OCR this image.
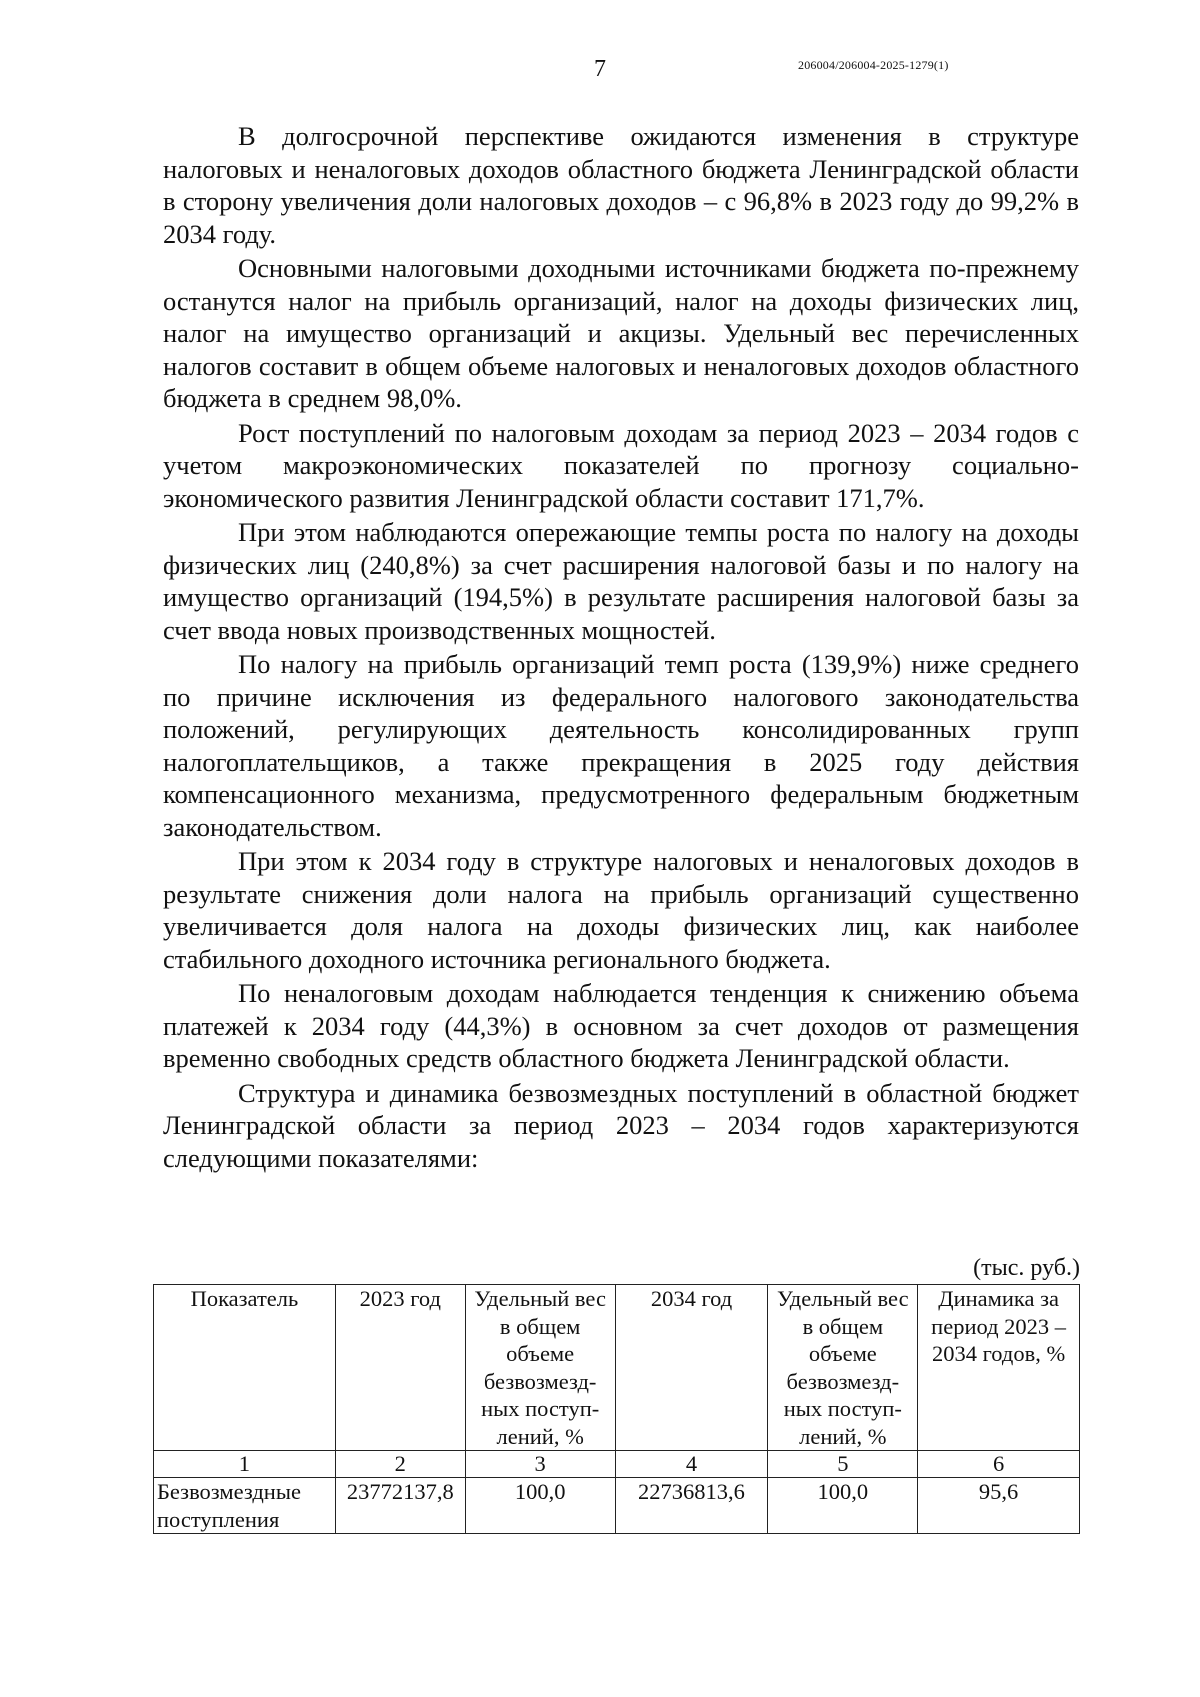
7	206004/206004-2025-1279(1)

В долгосрочной перспективе ожидаются изменения в структуре налоговых и неналоговых доходов областного бюджета Ленинградской области в сторону увеличения доли налоговых доходов – с 96,8% в 2023 году до 99,2% в 2034 году.

Основными налоговыми доходными источниками бюджета по-прежнему останутся налог на прибыль организаций, налог на доходы физических лиц, налог на имущество организаций и акцизы. Удельный вес перечисленных налогов составит в общем объеме налоговых и неналоговых доходов областного бюджета в среднем 98,0%.

Рост поступлений по налоговым доходам за период 2023 – 2034 годов с учетом макроэкономических показателей по прогнозу социально-экономического развития Ленинградской области составит 171,7%.

При этом наблюдаются опережающие темпы роста по налогу на доходы физических лиц (240,8%) за счет расширения налоговой базы и по налогу на имущество организаций (194,5%) в результате расширения налоговой базы за счет ввода новых производственных мощностей.

По налогу на прибыль организаций темп роста (139,9%) ниже среднего по причине исключения из федерального налогового законодательства положений, регулирующих деятельность консолидированных групп налогоплательщиков, а также прекращения в 2025 году действия компенсационного механизма, предусмотренного федеральным бюджетным законодательством.

При этом к 2034 году в структуре налоговых и неналоговых доходов в результате снижения доли налога на прибыль организаций существенно увеличивается доля налога на доходы физических лиц, как наиболее стабильного доходного источника регионального бюджета.

По неналоговым доходам наблюдается тенденция к снижению объема платежей к 2034 году (44,3%) в основном за счет доходов от размещения временно свободных средств областного бюджета Ленинградской области.

Структура и динамика безвозмездных поступлений в областной бюджет Ленинградской области за период 2023 – 2034 годов характеризуются следующими показателями:

(тыс. руб.)
Показатель	2023 год	Удельный вес в общем объеме безвозмезд-ных поступ-лений, %	2034 год	Удельный вес в общем объеме безвозмезд-ных поступ-лений, %	Динамика за период 2023 – 2034 годов, %
1	2	3	4	5	6
Безвозмездные поступления	23772137,8	100,0	22736813,6	100,0	95,6
